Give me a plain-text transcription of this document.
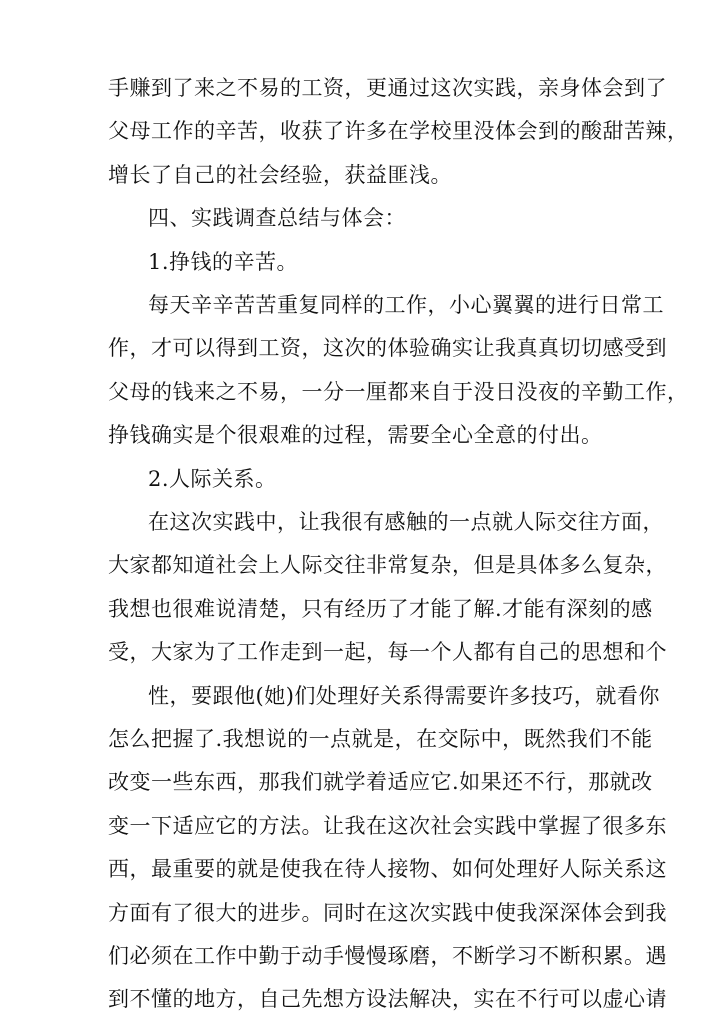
手赚到了来之不易的工资，更通过这次实践，亲身体会到了
父母工作的辛苦，收获了许多在学校里没体会到的酸甜苦辣，
增长了自己的社会经验，获益匪浅。
四、实践调查总结与体会：
1.挣钱的辛苦。
每天辛辛苦苦重复同样的工作，小心翼翼的进行日常工
作，才可以得到工资，这次的体验确实让我真真切切感受到
父母的钱来之不易，一分一厘都来自于没日没夜的辛勤工作，
挣钱确实是个很艰难的过程，需要全心全意的付出。
2.人际关系。
在这次实践中，让我很有感触的一点就人际交往方面，
大家都知道社会上人际交往非常复杂，但是具体多么复杂，
我想也很难说清楚，只有经历了才能了解.才能有深刻的感
受，大家为了工作走到一起，每一个人都有自己的思想和个
性，要跟他(她)们处理好关系得需要许多技巧，就看你
怎么把握了.我想说的一点就是，在交际中，既然我们不能
改变一些东西，那我们就学着适应它.如果还不行，那就改
变一下适应它的方法。让我在这次社会实践中掌握了很多东
西，最重要的就是使我在待人接物、如何处理好人际关系这
方面有了很大的进步。同时在这次实践中使我深深体会到我
们必须在工作中勤于动手慢慢琢磨，不断学习不断积累。遇
到不懂的地方，自己先想方设法解决，实在不行可以虚心请
